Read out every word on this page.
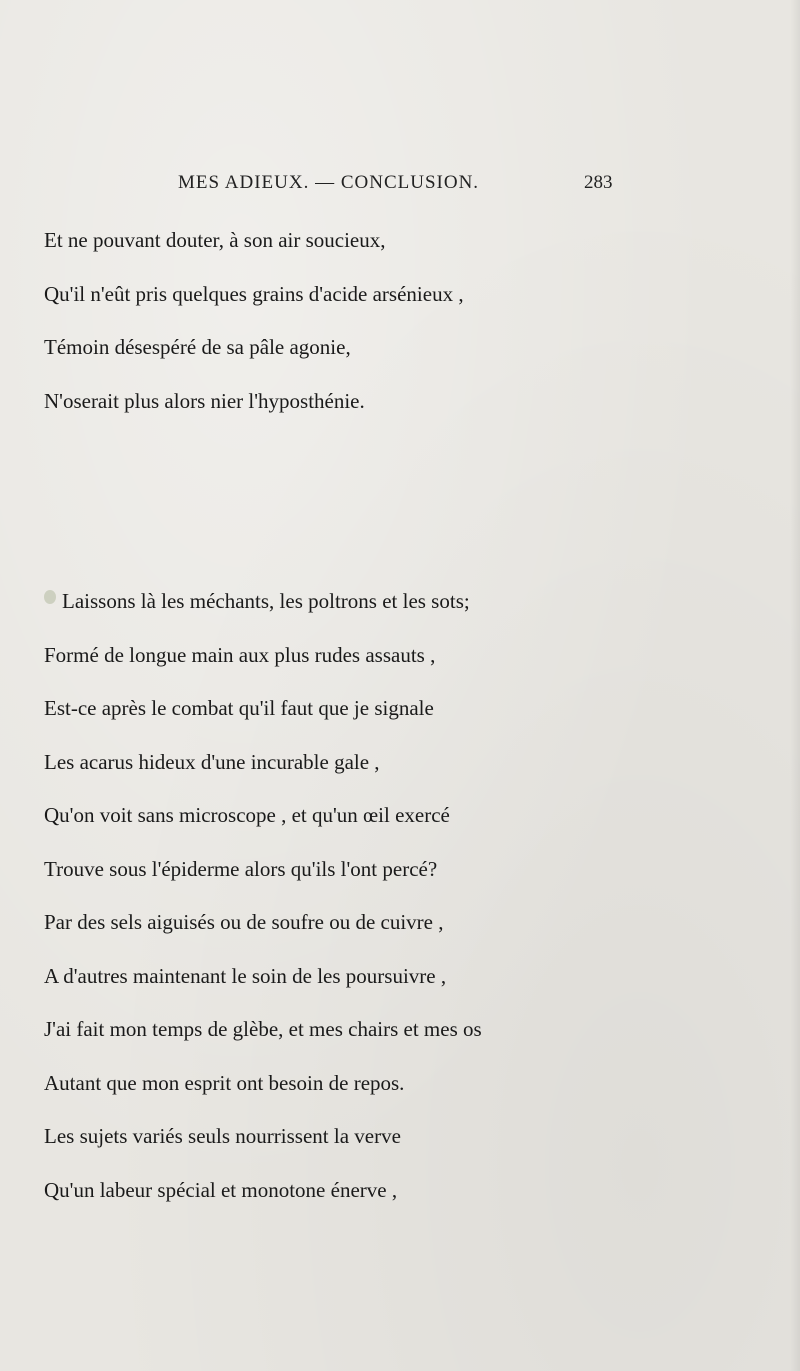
MES ADIEUX. — CONCLUSION.	283
Et ne pouvant douter, à son air soucieux,
Qu'il n'eût pris quelques grains d'acide arsénieux ,
Témoin désespéré de sa pâle agonie,
N'oserait plus alors nier l'hyposthénie.
Laissons là les méchants, les poltrons et les sots;
Formé de longue main aux plus rudes assauts ,
Est-ce après le combat qu'il faut que je signale
Les acarus hideux d'une incurable gale ,
Qu'on voit sans microscope , et qu'un œil exercé
Trouve sous l'épiderme alors qu'ils l'ont percé?
Par des sels aiguisés ou de soufre ou de cuivre ,
A d'autres maintenant le soin de les poursuivre ,
J'ai fait mon temps de glèbe, et mes chairs et mes os
Autant que mon esprit ont besoin de repos.
Les sujets variés seuls nourrissent la verve
Qu'un labeur spécial et monotone énerve ,
